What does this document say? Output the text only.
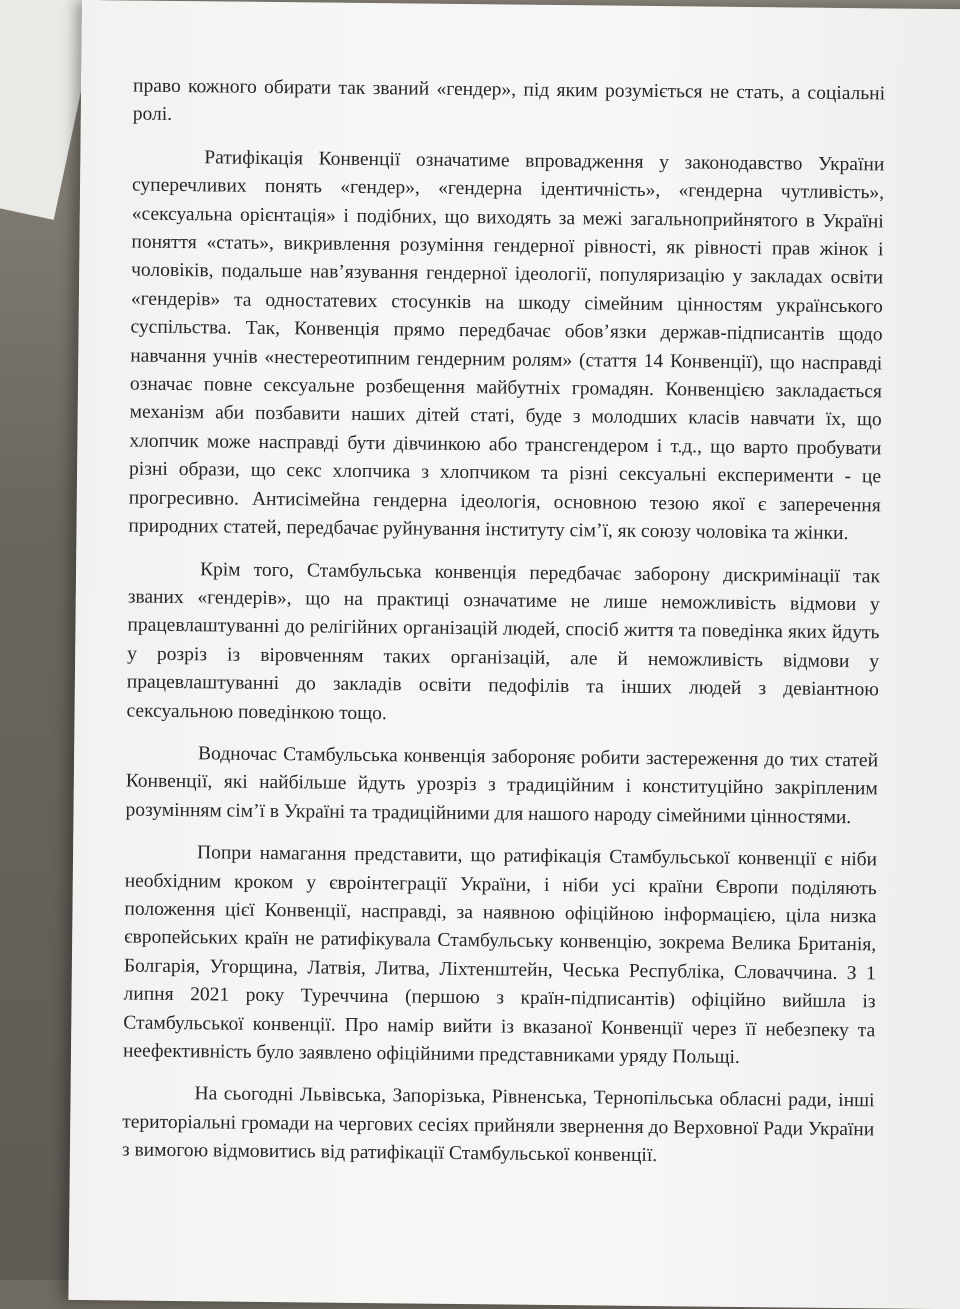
право кожного обирати так званий «гендер», під яким розуміється не стать, а соціальні ролі.

Ратифікація Конвенції означатиме впровадження у законодавство України суперечливих понять «гендер», «гендерна ідентичність», «гендерна чутливість», «сексуальна орієнтація» і подібних, що виходять за межі загальноприйнятого в Україні поняття «стать», викривлення розуміння гендерної рівності, як рівності прав жінок і чоловіків, подальше нав’язування гендерної ідеології, популяризацію у закладах освіти «гендерів» та одностатевих стосунків на шкоду сімейним цінностям українського суспільства. Так, Конвенція прямо передбачає обов’язки держав-підписантів щодо навчання учнів «нестереотипним гендерним ролям» (стаття 14 Конвенції), що насправді означає повне сексуальне розбещення майбутніх громадян. Конвенцією закладається механізм аби позбавити наших дітей статі, буде з молодших класів навчати їх, що хлопчик може насправді бути дівчинкою або трансгендером і т.д., що варто пробувати різні образи, що секс хлопчика з хлопчиком та різні сексуальні експерименти - це прогресивно. Антисімейна гендерна ідеологія, основною тезою якої є заперечення природних статей, передбачає руйнування інституту сім’ї, як союзу чоловіка та жінки.

Крім того, Стамбульська конвенція передбачає заборону дискримінації так званих «гендерів», що на практиці означатиме не лише неможливість відмови у працевлаштуванні до релігійних організацій людей, спосіб життя та поведінка яких йдуть у розріз із віровченням таких організацій, але й неможливість відмови у працевлаштуванні до закладів освіти педофілів та інших людей з девіантною сексуальною поведінкою тощо.

Водночас Стамбульська конвенція забороняє робити застереження до тих статей Конвенції, які найбільше йдуть урозріз з традиційним і конституційно закріпленим розумінням сім’ї в Україні та традиційними для нашого народу сімейними цінностями.

Попри намагання представити, що ратифікація Стамбульської конвенції є ніби необхідним кроком у євроінтеграції України, і ніби усі країни Європи поділяють положення цієї Конвенції, насправді, за наявною офіційною інформацією, ціла низка європейських країн не ратифікувала Стамбульську конвенцію, зокрема Велика Британія, Болгарія, Угорщина, Латвія, Литва, Ліхтенштейн, Чеська Республіка, Словаччина. З 1 липня 2021 року Туреччина (першою з країн-підписантів) офіційно вийшла із Стамбульської конвенції. Про намір вийти із вказаної Конвенції через її небезпеку та неефективність було заявлено офіційними представниками уряду Польщі.

На сьогодні Львівська, Запорізька, Рівненська, Тернопільська обласні ради, інші територіальні громади на чергових сесіях прийняли звернення до Верховної Ради України з вимогою відмовитись від ратифікації Стамбульської конвенції.
